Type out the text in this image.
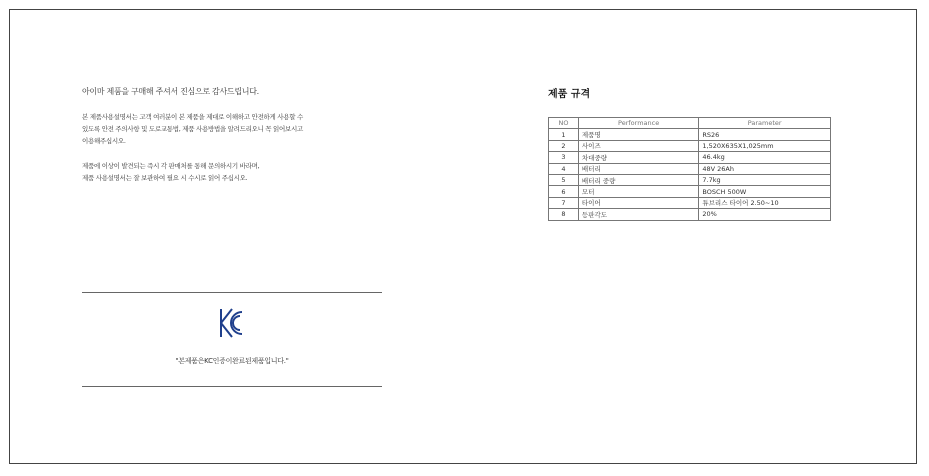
아이마 제품을 구매해 주셔서 진심으로 감사드립니다.

본 제품사용설명서는 고객 여러분이 본 제품을 제대로 이해하고 안전하게 사용할 수
있도록 안전 주의사항 및 도로교통법, 제품 사용방법을 알려드리오니 꼭 읽어보시고
이용해주십시오.

제품에 이상이 발견되는 즉시 각 판매처를 통해 문의하시기 바라며,
제품 사용설명서는 잘 보관하여 필요 시 수시로 읽어 주십시오.

"본제품은KC인증이완료된제품입니다."
제품 규격
NO	Performance	Parameter
1	제품명	RS26
2	사이즈	1,520X635X1,025mm
3	차대중량	46.4kg
4	배터리	48V 26Ah
5	배터리 중량	7.7kg
6	모터	BOSCH 500W
7	타이어	튜브리스 타이어 2.50~10
8	등판각도	20%
